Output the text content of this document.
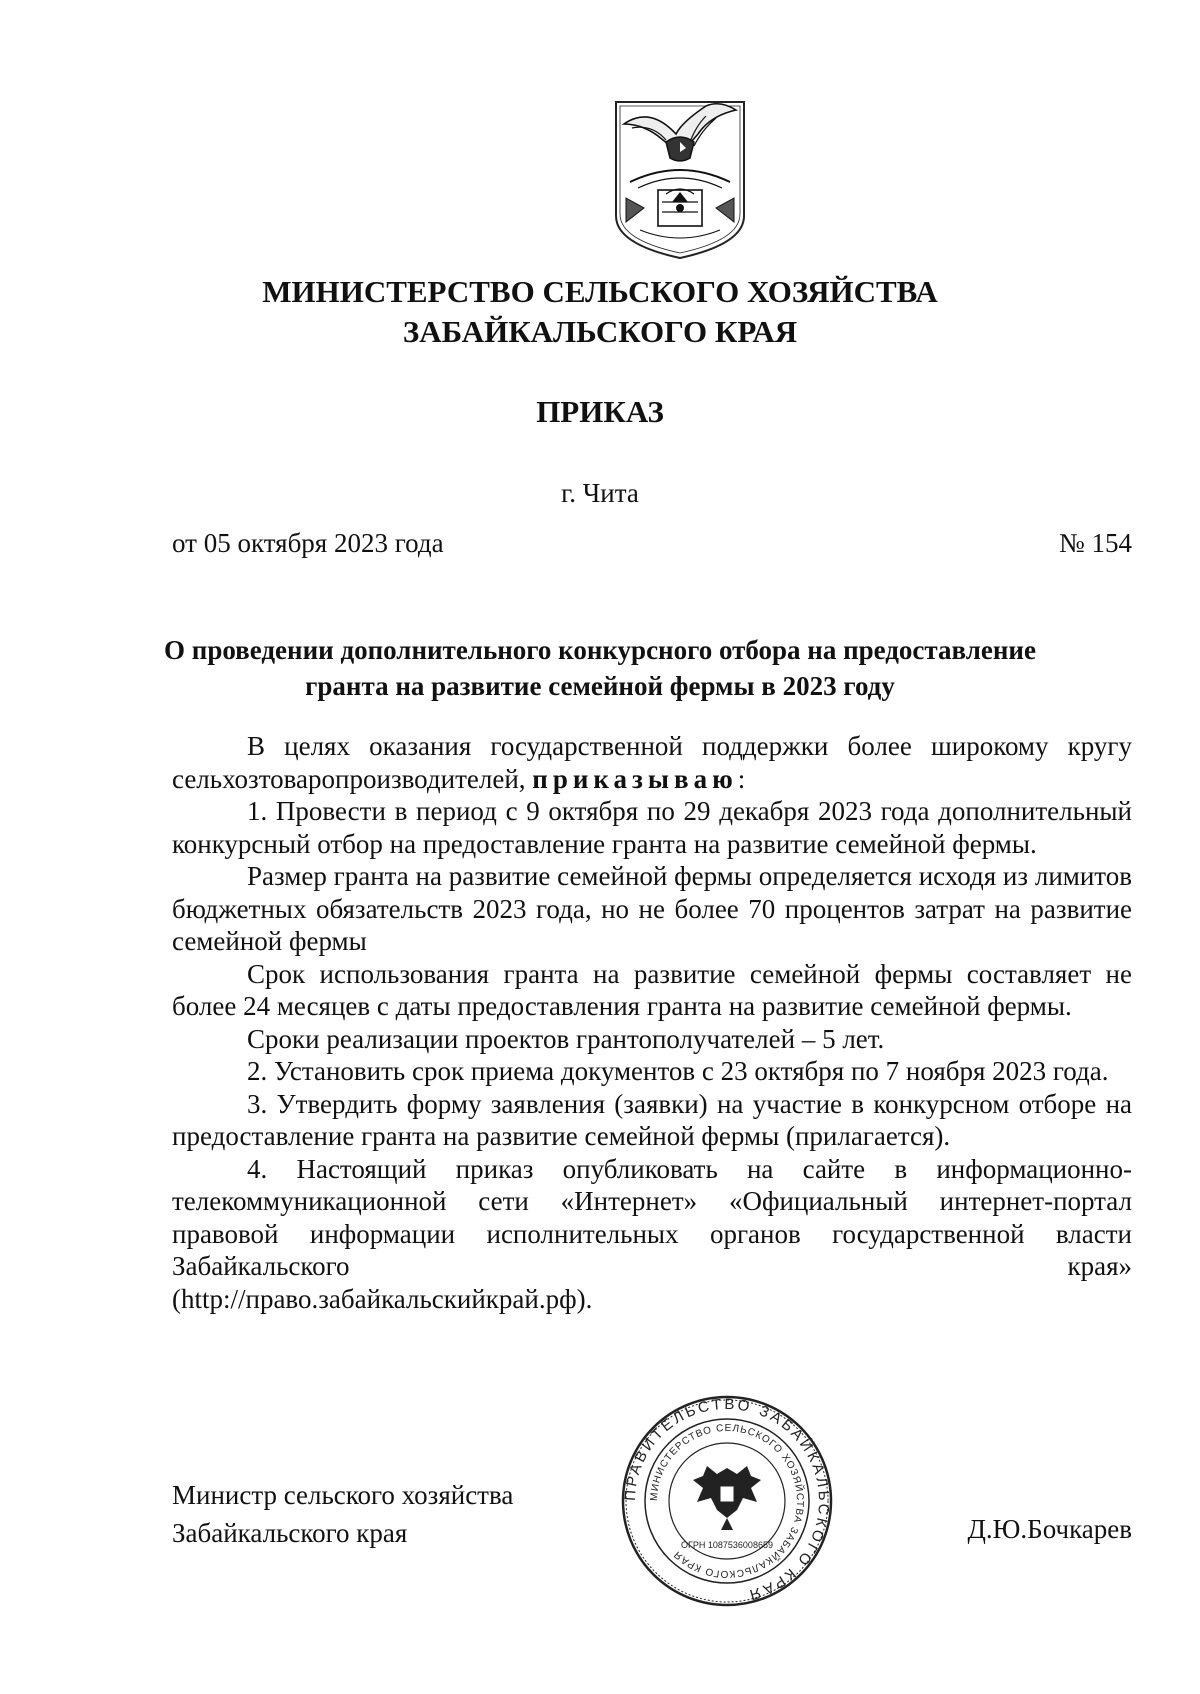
МИНИСТЕРСТВО СЕЛЬСКОГО ХОЗЯЙСТВА
ЗАБАЙКАЛЬСКОГО КРАЯ
ПРИКАЗ
г. Чита
от 05 октября 2023 года	№ 154
О проведении дополнительного конкурсного отбора на предоставление
гранта на развитие семейной фермы в 2023 году

В целях оказания государственной поддержки более широкому кругу сельхозтоваропроизводителей, приказываю:

1. Провести в период с 9 октября по 29 декабря 2023 года дополнительный конкурсный отбор на предоставление гранта на развитие семейной фермы.

Размер гранта на развитие семейной фермы определяется исходя из лимитов бюджетных обязательств 2023 года, но не более 70 процентов затрат на развитие семейной фермы

Срок использования гранта на развитие семейной фермы составляет не более 24 месяцев с даты предоставления гранта на развитие семейной фермы.

Сроки реализации проектов грантополучателей – 5 лет.

2. Установить срок приема документов с 23 октября по 7 ноября 2023 года.

3. Утвердить форму заявления (заявки) на участие в конкурсном отборе на предоставление гранта на развитие семейной фермы (прилагается).

4. Настоящий приказ опубликовать на сайте в информационно-телекоммуникационной сети «Интернет» «Официальный интернет-портал правовой информации исполнительных органов государственной власти Забайкальского края»

(http://право.забайкальскийкрай.рф).

ПРАВИТЕЛЬСТВО ЗАБАЙКАЛЬСКОГО КРАЯ
МИНИСТЕРСТВО СЕЛЬСКОГО ХОЗЯЙСТВА ЗАБАЙКАЛЬСКОГО КРАЯ
ОГРН 1087536008659
Министр сельского хозяйства
Забайкальского края	Д.Ю.Бочкарев
